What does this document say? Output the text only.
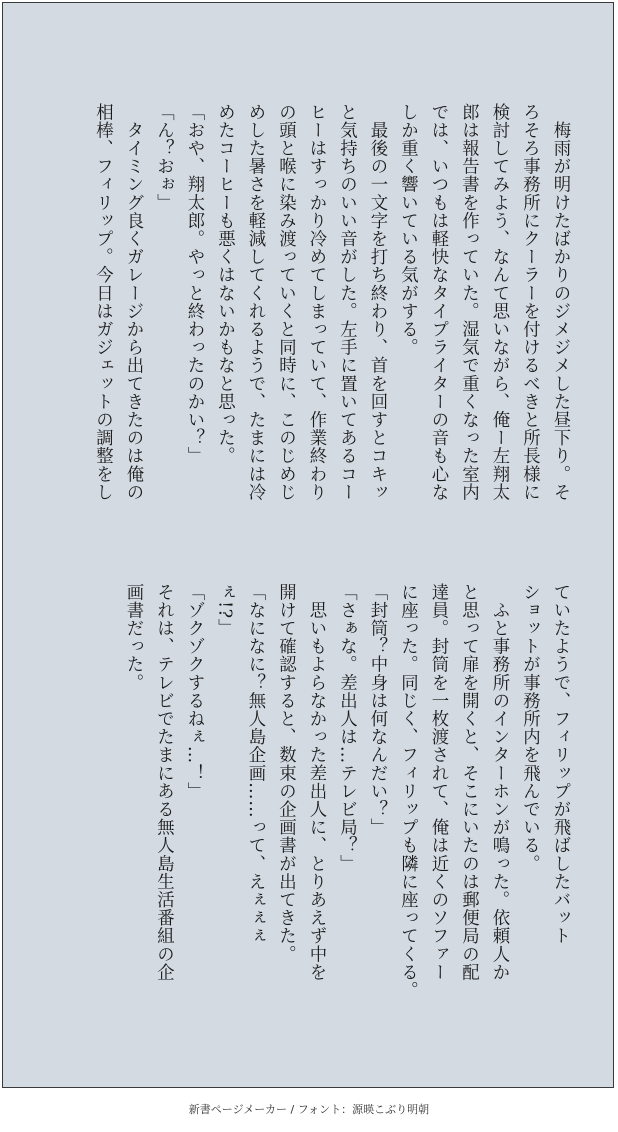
　梅雨が明けたばかりのジメジメした昼下り。そ
ろそろ事務所にクーラーを付けるべきと所長様に
検討してみよう、なんて思いながら、俺ー左翔太
郎は報告書を作っていた。湿気で重くなった室内
では、いつもは軽快なタイプライターの音も心な
しか重く響いている気がする。
　最後の一文字を打ち終わり、首を回すとコキッ
と気持ちのいい音がした。左手に置いてあるコー
ヒーはすっかり冷めてしまっていて、作業終わり
の頭と喉に染み渡っていくと同時に、このじめじ
めした暑さを軽減してくれるようで、たまには冷
めたコーヒーも悪くはないかもなと思った。
「おや、翔太郎。やっと終わったのかい？」
「ん？おぉ」
　タイミング良くガレージから出てきたのは俺の
相棒、フィリップ。今日はガジェットの調整をし
ていたようで、フィリップが飛ばしたバット
ショットが事務所内を飛んでいる。
　ふと事務所のインターホンが鳴った。依頼人か
と思って扉を開くと、そこにいたのは郵便局の配
達員。封筒を一枚渡されて、俺は近くのソファー
に座った。同じく、フィリップも隣に座ってくる。
「封筒？中身は何なんだい？」
「さぁな。差出人は…テレビ局？」
　思いもよらなかった差出人に、とりあえず中を
開けて確認すると、数束の企画書が出てきた。
「なになに？無人島企画……って、えぇぇぇ
ぇ!?」
「ゾクゾクするねぇ…！」
それは、テレビでたまにある無人島生活番組の企
画書だった。
新書ページメーカー / フォント：源暎こぶり明朝
